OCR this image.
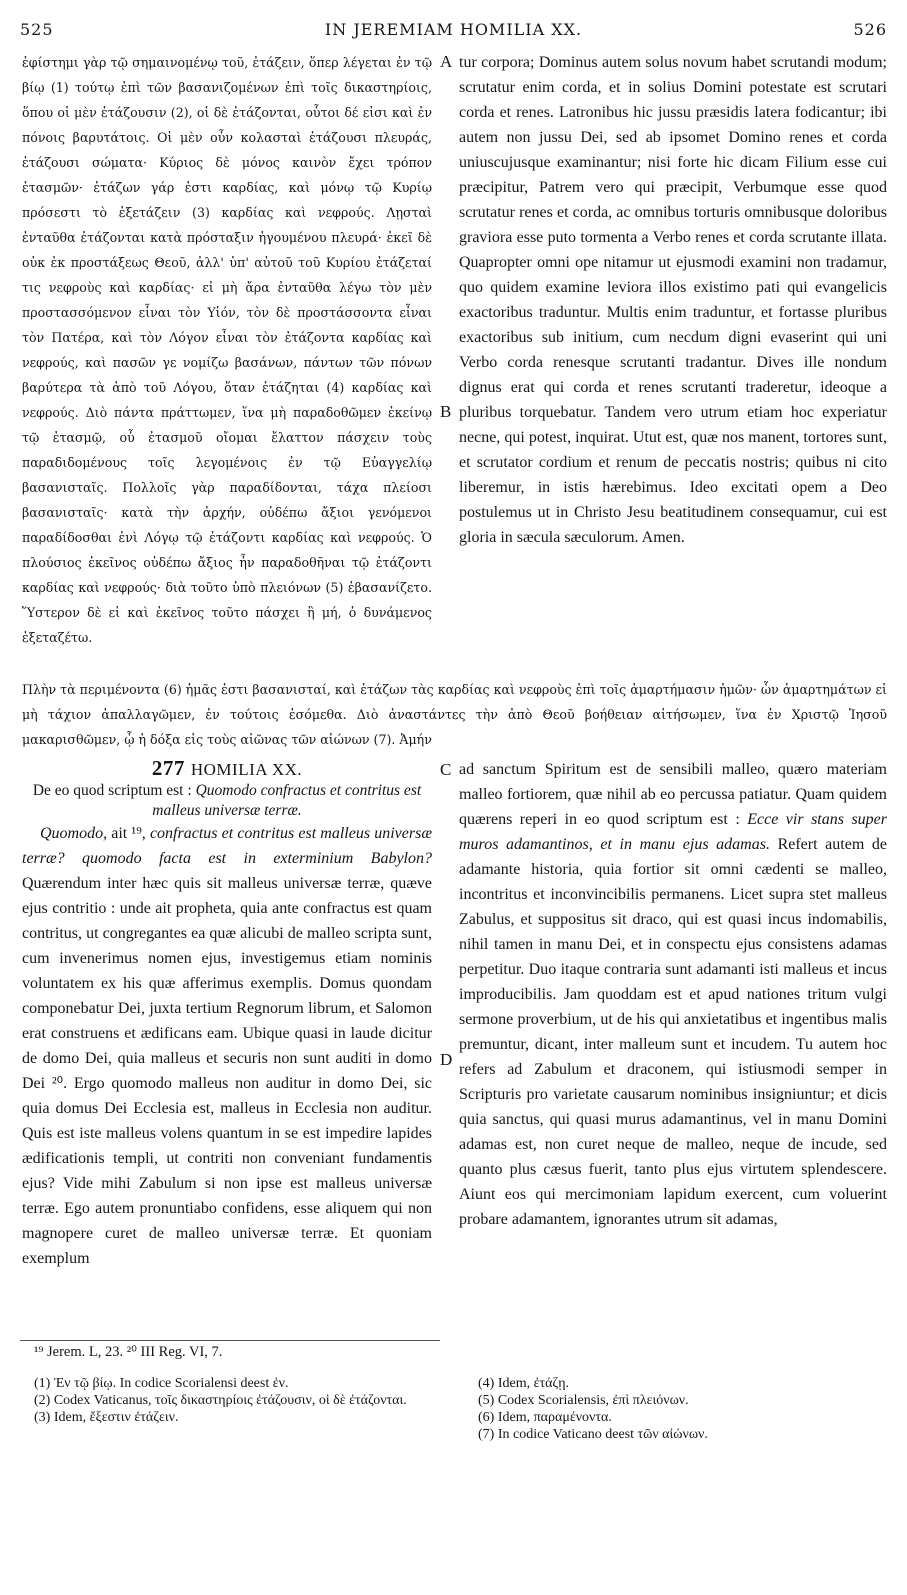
525	IN JEREMIAM HOMILIA XX.	526
ἐφίστημι γὰρ τῷ σημαινομένῳ τοῦ, ἐτάζειν, ὅπερ λέγεται ἐν τῷ βίῳ (1) τούτῳ ἐπὶ τῶν βασανιζομένων ἐπὶ τοῖς δικαστηρίοις, ὅπου οἱ μὲν ἐτάζουσιν (2), οἱ δὲ ἐτάζονται, οὗτοι δέ εἰσι καὶ ἐν πόνοις βαρυτάτοις. Οἱ μὲν οὖν κολασταὶ ἐτάζουσι πλευράς, ἐτάζουσι σώματα· Κύριος δὲ μόνος καινὸν ἔχει τρόπον ἐτασμῶν· ἐτάζων γάρ ἐστι καρδίας, καὶ μόνῳ τῷ Κυρίῳ πρόσεστι τὸ ἐξετάζειν (3) καρδίας καὶ νεφρούς. Λῃσταὶ ἐνταῦθα ἐτάζονται κατὰ πρόσταξιν ἡγουμένου πλευρά· ἐκεῖ δὲ οὐκ ἐκ προστάξεως Θεοῦ, ἀλλ' ὑπ' αὐτοῦ τοῦ Κυρίου ἐτάζεταί τις νεφροὺς καὶ καρδίας· εἰ μὴ ἄρα ἐνταῦθα λέγω τὸν μὲν προστασσόμενον εἶναι τὸν Υἱόν, τὸν δὲ προστάσσοντα εἶναι τὸν Πατέρα, καὶ τὸν Λόγον εἶναι τὸν ἐτάζοντα καρδίας καὶ νεφρούς, καὶ πασῶν γε νομίζω βασάνων, πάντων τῶν πόνων βαρύτερα τὰ ἀπὸ τοῦ Λόγου, ὅταν ἐτάζηται (4) καρδίας καὶ νεφρούς. Διὸ πάντα πράττωμεν, ἵνα μὴ παραδοθῶμεν ἐκείνῳ τῷ ἐτασμῷ, οὗ ἐτασμοῦ οἴομαι ἔλαττον πάσχειν τοὺς παραδιδομένους τοῖς λεγομένοις ἐν τῷ Εὐαγγελίῳ βασανισταῖς. Πολλοῖς γὰρ παραδίδονται, τάχα πλείοσι βασανισταῖς· κατὰ τὴν ἀρχήν, οὐδέπω ἄξιοι γενόμενοι παραδίδοσθαι ἑνὶ Λόγῳ τῷ ἐτάζοντι καρδίας καὶ νεφρούς. Ὁ πλούσιος ἐκεῖνος οὐδέπω ἄξιος ἦν παραδοθῆναι τῷ ἐτάζοντι καρδίας καὶ νεφρούς· διὰ τοῦτο ὑπὸ πλειόνων (5) ἐβασανίζετο. Ὕστερον δὲ εἰ καὶ ἐκεῖνος τοῦτο πάσχει ἢ μή, ὁ δυνάμενος ἐξεταζέτω.
A
B
tur corpora; Dominus autem solus novum habet scrutandi modum; scrutatur enim corda, et in solius Domini potestate est scrutari corda et renes. Latronibus hic jussu præsidis latera fodicantur; ibi autem non jussu Dei, sed ab ipsomet Domino renes et corda uniuscujusque examinantur; nisi forte hic dicam Filium esse cui præcipitur, Patrem vero qui præcipit, Verbumque esse quod scrutatur renes et corda, ac omnibus torturis omnibusque doloribus graviora esse puto tormenta a Verbo renes et corda scrutante illata. Quapropter omni ope nitamur ut ejusmodi examini non tradamur, quo quidem examine leviora illos existimo pati qui evangelicis exactoribus traduntur. Multis enim traduntur, et fortasse pluribus exactoribus sub initium, cum necdum digni evaserint qui uni Verbo corda renesque scrutanti tradantur. Dives ille nondum dignus erat qui corda et renes scrutanti traderetur, ideoque a pluribus torquebatur. Tandem vero utrum etiam hoc experiatur necne, qui potest, inquirat. Utut est, quæ nos manent, tortores sunt, et scrutator cordium et renum de peccatis nostris; quibus ni cito liberemur, in istis hærebimus. Ideo excitati opem a Deo postulemus ut in Christo Jesu beatitudinem consequamur, cui est gloria in sæcula sæculorum. Amen.
Πλὴν τὰ περιμένοντα (6) ἡμᾶς ἐστι βασανισταί, καὶ ἐτάζων τὰς καρδίας καὶ νεφροὺς ἐπὶ τοῖς ἁμαρτήμασιν ἡμῶν· ὧν ἁμαρτημάτων εἰ μὴ τάχιον ἀπαλλαγῶμεν, ἐν τούτοις ἐσόμεθα. Διὸ ἀναστάντες τὴν ἀπὸ Θεοῦ βοήθειαν αἰτήσωμεν, ἵνα ἐν Χριστῷ Ἰησοῦ μακαρισθῶμεν, ᾧ ἡ δόξα εἰς τοὺς αἰῶνας τῶν αἰώνων (7). Ἀμήν
277 HOMILIA XX.
De eo quod scriptum est : Quomodo confractus et contritus est malleus universæ terræ.

Quomodo, ait ¹⁹, confractus et contritus est malleus universæ terræ? quomodo facta est in exterminium Babylon? Quærendum inter hæc quis sit malleus universæ terræ, quæve ejus contritio : unde ait propheta, quia ante confractus est quam contritus, ut congregantes ea quæ alicubi de malleo scripta sunt, cum invenerimus nomen ejus, investigemus etiam nominis voluntatem ex his quæ afferimus exemplis. Domus quondam componebatur Dei, juxta tertium Regnorum librum, et Salomon erat construens et ædificans eam. Ubique quasi in laude dicitur de domo Dei, quia malleus et securis non sunt auditi in domo Dei ²⁰. Ergo quomodo malleus non auditur in domo Dei, sic quia domus Dei Ecclesia est, malleus in Ecclesia non auditur. Quis est iste malleus volens quantum in se est impedire lapides ædificationis templi, ut contriti non conveniant fundamentis ejus? Vide mihi Zabulum si non ipse est malleus universæ terræ. Ego autem pronuntiabo confidens, esse aliquem qui non magnopere curet de malleo universæ terræ. Et quoniam exemplum

C
D

ad sanctum Spiritum est de sensibili malleo, quæro materiam malleo fortiorem, quæ nihil ab eo percussa patiatur. Quam quidem quærens reperi in eo quod scriptum est : Ecce vir stans super muros adamantinos, et in manu ejus adamas. Refert autem de adamante historia, quia fortior sit omni cædenti se malleo, incontritus et inconvincibilis permanens. Licet supra stet malleus Zabulus, et suppositus sit draco, qui est quasi incus indomabilis, nihil tamen in manu Dei, et in conspectu ejus consistens adamas perpetitur. Duo itaque contraria sunt adamanti isti malleus et incus improducibilis. Jam quoddam est et apud nationes tritum vulgi sermone proverbium, ut de his qui anxietatibus et ingentibus malis premuntur, dicant, inter malleum sunt et incudem. Tu autem hoc refers ad Zabulum et draconem, qui istiusmodi semper in Scripturis pro varietate causarum nominibus insigniuntur; et dicis quia sanctus, qui quasi murus adamantinus, vel in manu Domini adamas est, non curet neque de malleo, neque de incude, sed quanto plus cæsus fuerit, tanto plus ejus virtutem splendescere. Aiunt eos qui mercimoniam lapidum exercent, cum voluerint probare adamantem, ignorantes utrum sit adamas,

¹⁹ Jerem. L, 23. ²⁰ III Reg. VI, 7.
(1) Ἐν τῷ βίῳ. In codice Scorialensi deest ἐν.
(2) Codex Vaticanus, τοῖς δικαστηρίοις ἐτάζουσιν, οἱ δὲ ἐτάζονται.
(3) Idem, ἔξεστιν ἐτάζειν.
(4) Idem, ἐτάζῃ.
(5) Codex Scorialensis, ἐπὶ πλειόνων.
(6) Idem, παραμένοντα.
(7) In codice Vaticano deest τῶν αἰώνων.
